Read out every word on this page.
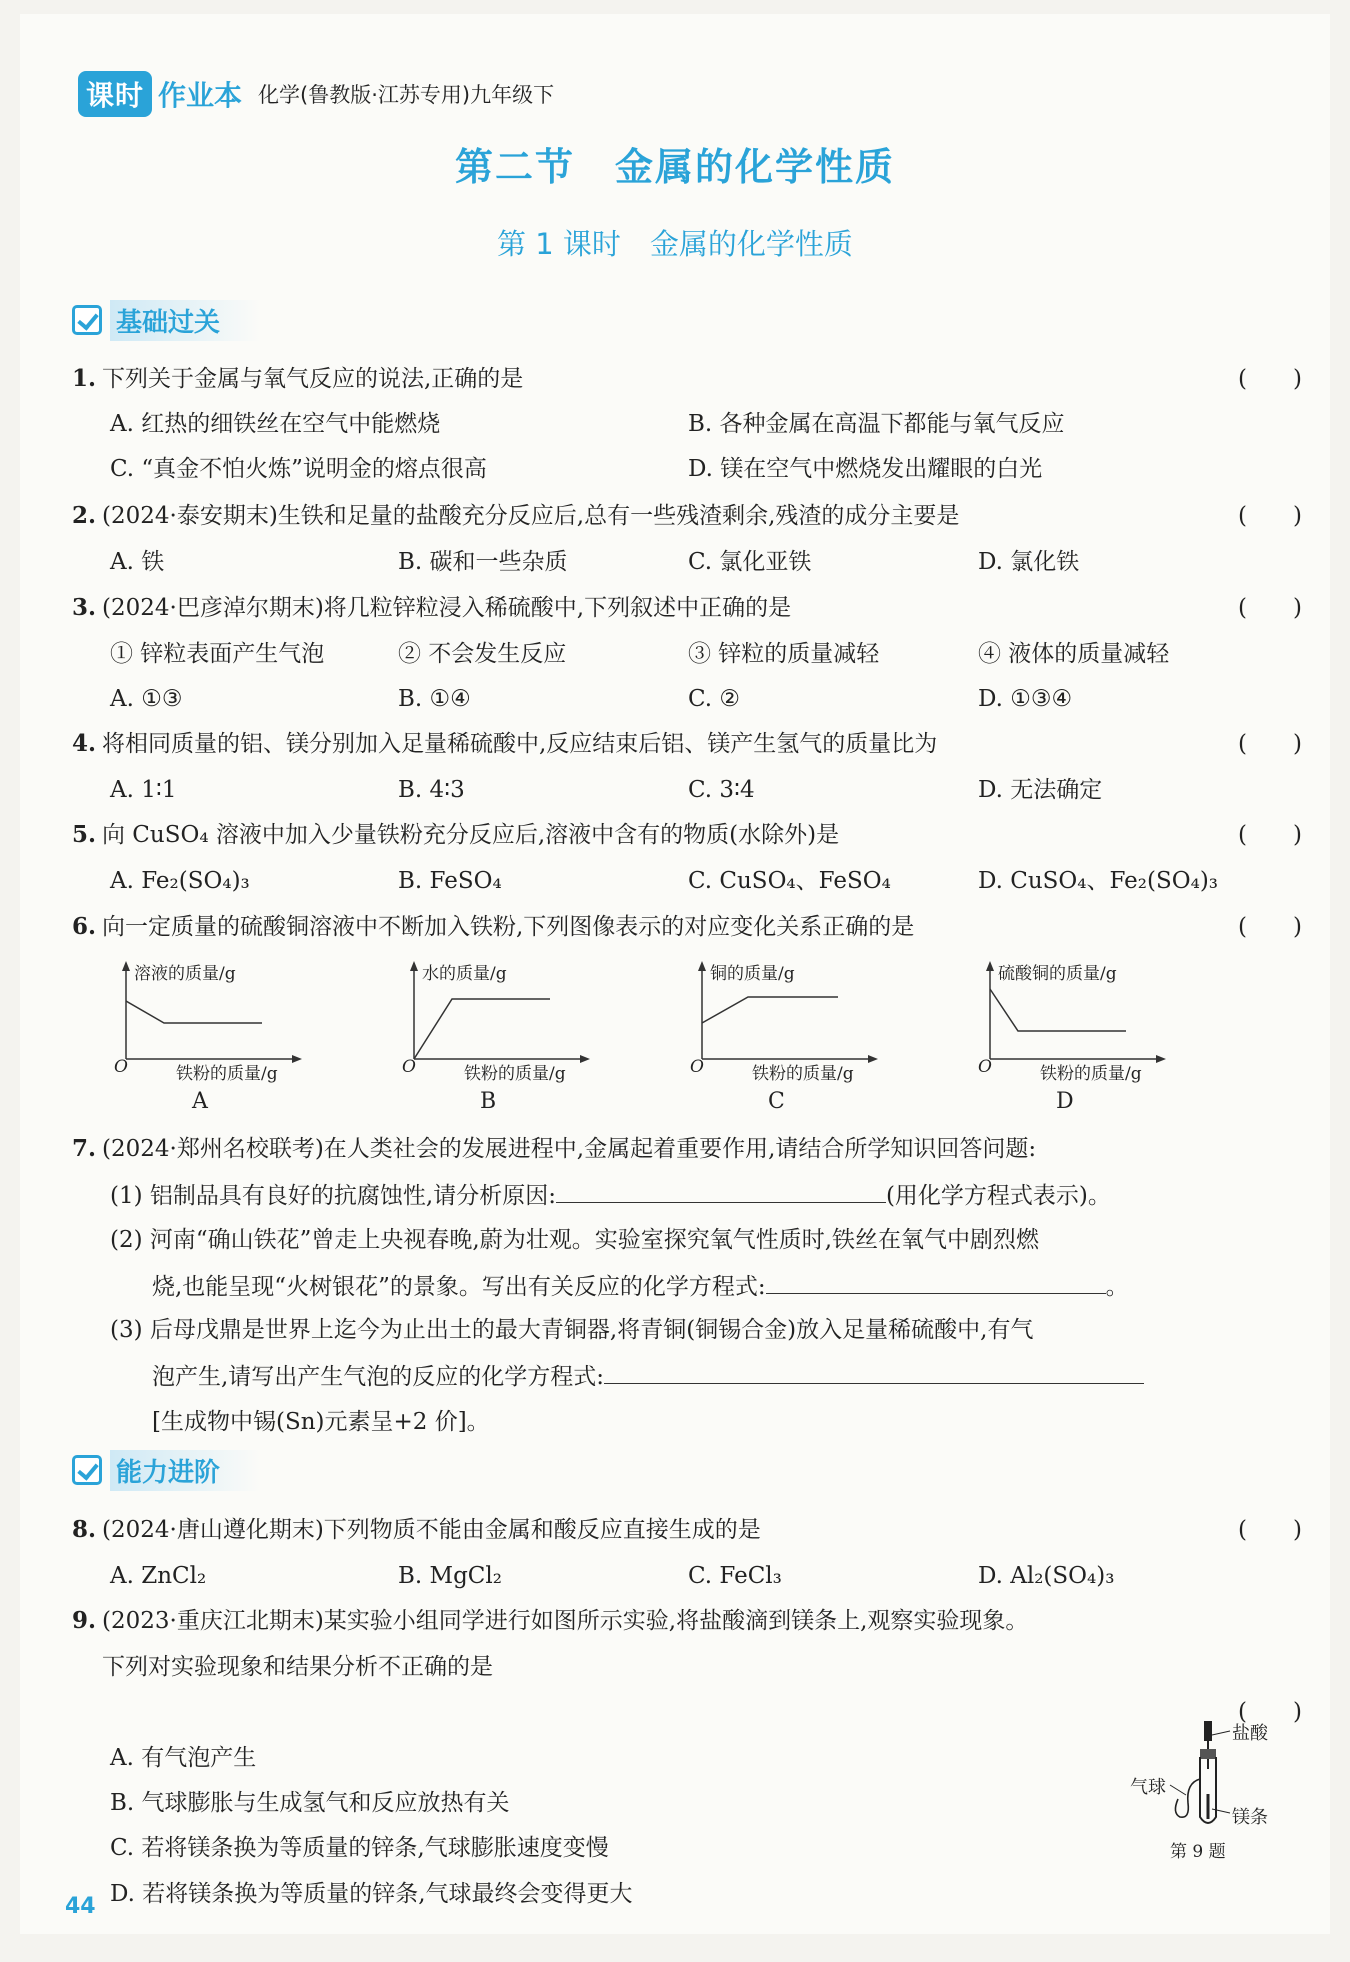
课时 作业本 化学(鲁教版·江苏专用)九年级下
第二节　金属的化学性质
第 1 课时　金属的化学性质
基础过关
1. 下列关于金属与氧气反应的说法,正确的是	(　　)
A. 红热的细铁丝在空气中能燃烧	B. 各种金属在高温下都能与氧气反应
C. “真金不怕火炼”说明金的熔点很高	D. 镁在空气中燃烧发出耀眼的白光
2. (2024·泰安期末)生铁和足量的盐酸充分反应后,总有一些残渣剩余,残渣的成分主要是	(　　)
A. 铁	B. 碳和一些杂质	C. 氯化亚铁	D. 氯化铁
3. (2024·巴彦淖尔期末)将几粒锌粒浸入稀硫酸中,下列叙述中正确的是	(　　)
① 锌粒表面产生气泡	② 不会发生反应	③ 锌粒的质量减轻	④ 液体的质量减轻
A. ①③	B. ①④	C. ②	D. ①③④
4. 将相同质量的铝、镁分别加入足量稀硫酸中,反应结束后铝、镁产生氢气的质量比为	(　　)
A. 1∶1	B. 4∶3	C. 3∶4	D. 无法确定
5. 向 CuSO₄ 溶液中加入少量铁粉充分反应后,溶液中含有的物质(水除外)是	(　　)
A. Fe₂(SO₄)₃	B. FeSO₄	C. CuSO₄、FeSO₄	D. CuSO₄、Fe₂(SO₄)₃
6. 向一定质量的硫酸铜溶液中不断加入铁粉,下列图像表示的对应变化关系正确的是	(　　)
溶液的质量/g
O	铁粉的质量/g
A
水的质量/g
O	铁粉的质量/g
B
铜的质量/g
O	铁粉的质量/g
C
硫酸铜的质量/g
O	铁粉的质量/g
D
7. (2024·郑州名校联考)在人类社会的发展进程中,金属起着重要作用,请结合所学知识回答问题:
(1) 铝制品具有良好的抗腐蚀性,请分析原因:	(用化学方程式表示)。
(2) 河南“确山铁花”曾走上央视春晚,蔚为壮观。实验室探究氧气性质时,铁丝在氧气中剧烈燃
烧,也能呈现“火树银花”的景象。写出有关反应的化学方程式:	。
(3) 后母戊鼎是世界上迄今为止出土的最大青铜器,将青铜(铜锡合金)放入足量稀硫酸中,有气
泡产生,请写出产生气泡的反应的化学方程式:
[生成物中锡(Sn)元素呈+2 价]。
能力进阶
8. (2024·唐山遵化期末)下列物质不能由金属和酸反应直接生成的是	(　　)
A. ZnCl₂	B. MgCl₂	C. FeCl₃	D. Al₂(SO₄)₃
9. (2023·重庆江北期末)某实验小组同学进行如图所示实验,将盐酸滴到镁条上,观察实验现象。
下列对实验现象和结果分析不正确的是
(　　)
A. 有气泡产生
B. 气球膨胀与生成氢气和反应放热有关
C. 若将镁条换为等质量的锌条,气球膨胀速度变慢
D. 若将镁条换为等质量的锌条,气球最终会变得更大
盐酸
气球
镁条
第 9 题
44
